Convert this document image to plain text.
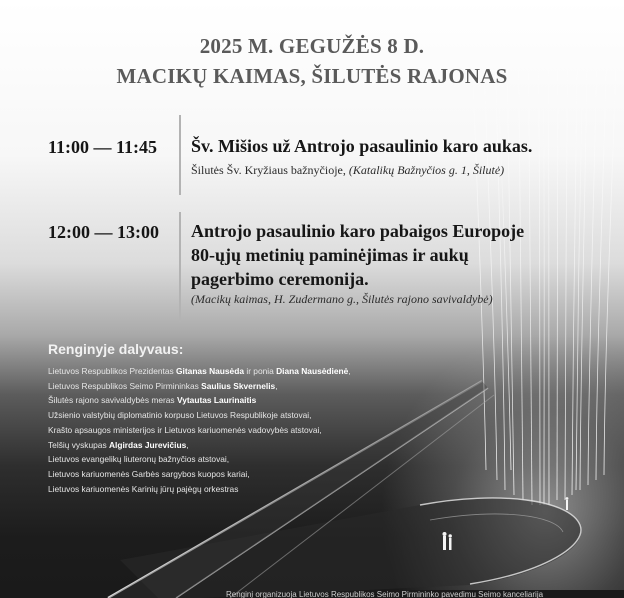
2025 M. GEGUŽĖS 8 D.
MACIKŲ KAIMAS, ŠILUTĖS RAJONAS
11:00 — 11:45 Šv. Mišios už Antrojo pasaulinio karo aukas.
Šilutės Šv. Kryžiaus bažnyčioje, (Katalikų Bažnyčios g. 1, Šilutė)
12:00 — 13:00 Antrojo pasaulinio karo pabaigos Europoje
80-ųjų metinių paminėjimas ir aukų
pagerbimo ceremonija.
(Macikų kaimas, H. Zudermano g., Šilutės rajono savivaldybė)
Renginyje dalyvaus:
Lietuvos Respublikos Prezidentas Gitanas Nausėda ir ponia Diana Nausėdienė,
Lietuvos Respublikos Seimo Pirmininkas Saulius Skvernelis,
Šilutės rajono savivaldybės meras Vytautas Laurinaitis
Užsienio valstybių diplomatinio korpuso Lietuvos Respublikoje atstovai,
Krašto apsaugos ministerijos ir Lietuvos kariuomenės vadovybės atstovai,
Telšių vyskupas Algirdas Jurevičius,
Lietuvos evangelikų liuteronų bažnyčios atstovai,
Lietuvos kariuomenės Garbės sargybos kuopos kariai,
Lietuvos kariuomenės Karinių jūrų pajėgų orkestras
Renginį organizuoja Lietuvos Respublikos Seimo Pirmininko pavedimu Seimo kanceliarija
